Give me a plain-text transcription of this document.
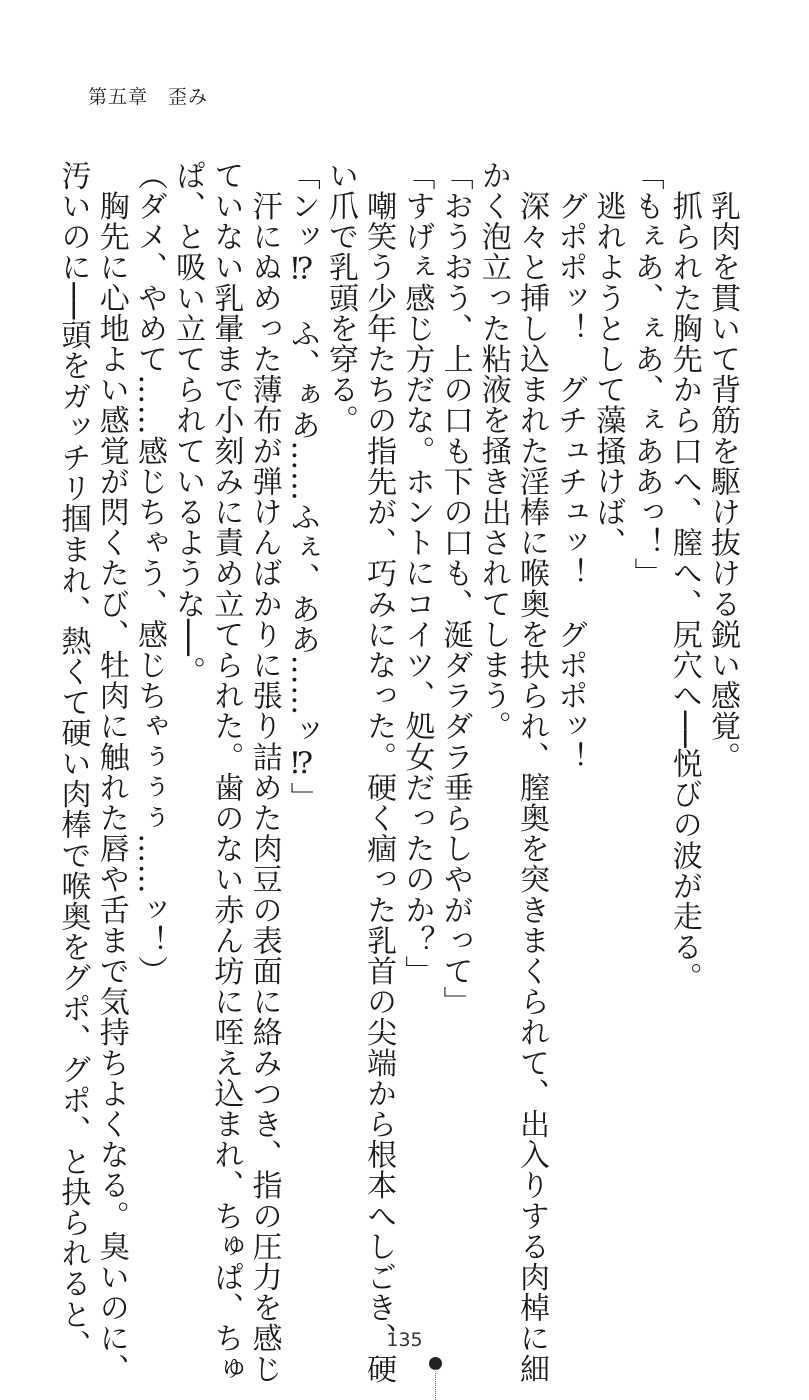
第五章　歪み
　乳肉を貫いて背筋を駆け抜ける鋭い感覚。
　抓られた胸先から口へ、膣へ、尻穴へ──悦びの波が走る。
「もぇあ、ぇあ、ぇああっ！」
　逃れようとして藻掻けば、
　グポポッ！　グチュチュッ！　グポポッ！
　深々と挿し込まれた淫棒に喉奥を抉られ、膣奥を突きまくられて、出入りする肉棹に細
かく泡立った粘液を掻き出されてしまう。
「おうおう、上の口も下の口も、涎ダラダラ垂らしやがって」
「すげぇ感じ方だな。ホントにコイツ、処女だったのか？」
　嘲笑う少年たちの指先が、巧みになった。硬く痼った乳首の尖端から根本へしごき、硬
い爪で乳頭を穿る。
「ンッ⁉　ふ、ぁあ……ふぇ、ああ……ッ⁉」
　汗にぬめった薄布が弾けんばかりに張り詰めた肉豆の表面に絡みつき、指の圧力を感じ
ていない乳暈まで小刻みに責め立てられた。歯のない赤ん坊に咥え込まれ、ちゅぱ、ちゅ
ぱ、と吸い立てられているような──。
（ダメ、やめて……感じちゃう、感じちゃぅぅぅ……ッ！）
　胸先に心地よい感覚が閃くたび、牡肉に触れた唇や舌まで気持ちよくなる。臭いのに、
汚いのに──頭をガッチリ掴まれ、熱くて硬い肉棒で喉奥をグポ、グポ、と抉られると、	135
